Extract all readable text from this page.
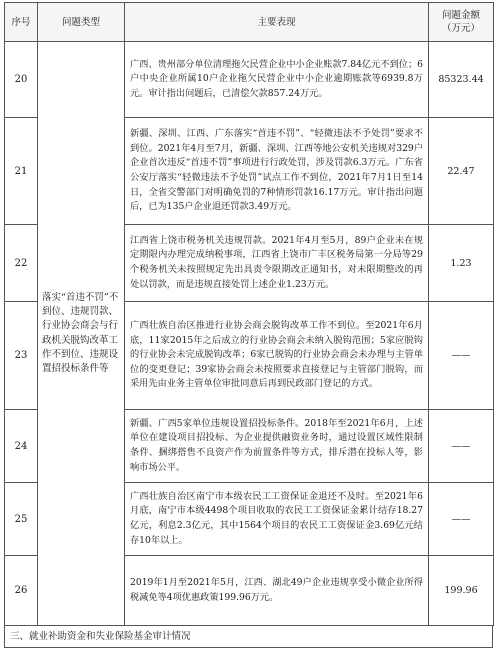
序号	问题类型	主要表现	问题金额
（万元）

20	落实“首违不罚”不到位、违规罚款、行业协会商会与行政机关脱钩改革工作不到位、违规设置招投标条件等	广西、贵州部分单位清理拖欠民营企业中小企业账款7.84亿元不到位；6户中央企业所属10户企业拖欠民营企业中小企业逾期账款等6939.8万元。审计指出问题后，已清偿欠款857.24万元。	85323.44
21		新疆、深圳、江西、广东落实“首违不罚”、“轻微违法不予处罚”要求不到位。2021年4月至7月，新疆、深圳、江西等地公安机关违规对329户企业首次违反“首违不罚”事项进行行政处罚，涉及罚款6.3万元。广东省公安厅落实“轻微违法不予处罚”试点工作不到位，2021年7月1日至14日，全省交警部门对明确免罚的7种情形罚款16.17万元。审计指出问题后，已为135户企业退还罚款3.49万元。	22.47
22		江西省上饶市税务机关违规罚款。2021年4月至5月，89户企业未在规定期限内办理完成纳税事项，江西省上饶市广丰区税务局第一分局等29个税务机关未按照规定先出具责令限期改正通知书，对未限期整改的再处以罚款，而是违规直接处罚上述企业1.23万元。	1.23
23		广西壮族自治区推进行业协会商会脱钩改革工作不到位。至2021年6月底，11家2015年之后成立的行业协会商会未纳入脱钩范围；5家应脱钩的行业协会未完成脱钩改革；6家已脱钩的行业协会商会未办理与主管单位的变更登记；39家协会商会未按照要求直接登记与主管部门脱钩，而采用先由业务主管单位审批同意后再到民政部门登记的方式。	——
24		新疆、广西5家单位违规设置招投标条件。2018年至2021年6月，上述单位在建设项目招投标、为企业提供融资业务时，通过设置区域性限制条件、捆绑搭售不良资产作为前置条件等方式，排斥潜在投标人等，影响市场公平。	——
25		广西壮族自治区南宁市本级农民工工资保证金退还不及时。至2021年6月底，南宁市本级4498个项目收取的农民工工资保证金累计结存18.27亿元，利息2.3亿元，其中1564个项目的农民工工资保证金3.69亿元结存10年以上。	——
26		2019年1月至2021年5月，江西、湖北49户企业违规享受小微企业所得税减免等4项优惠政策199.96万元。	199.96
三、就业补助资金和失业保险基金审计情况
